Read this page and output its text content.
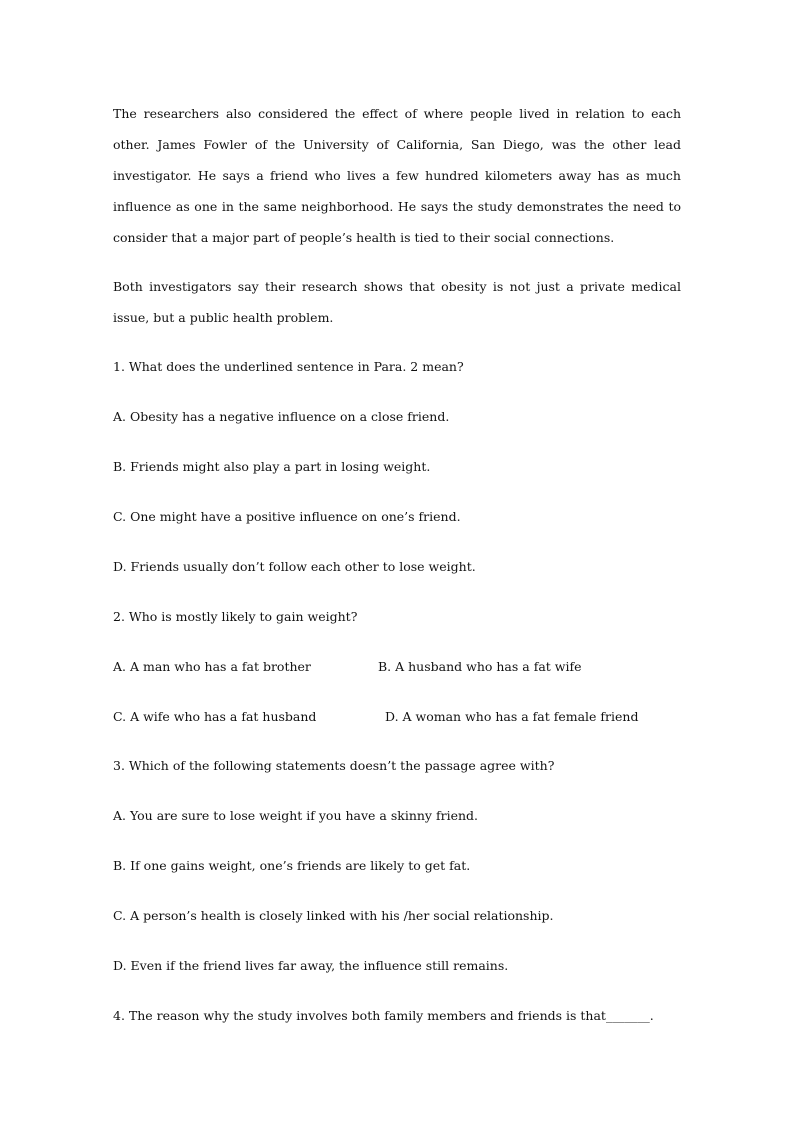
The researchers also considered the effect of where people lived in relation to each other. James Fowler of the University of California, San Diego, was the other lead investigator. He says a friend who lives a few hundred kilometers away has as much influence as one in the same neighborhood. He says the study demonstrates the need to consider that a major part of people’s health is tied to their social connections.

Both investigators say their research shows that obesity is not just a private medical issue, but a public health problem.

1. What does the underlined sentence in Para. 2 mean?
A. Obesity has a negative influence on a close friend.
B. Friends might also play a part in losing weight.
C. One might have a positive influence on one’s friend.
D. Friends usually don’t follow each other to lose weight.
2. Who is mostly likely to gain weight?
A. A man who has a fat brother	B. A husband who has a fat wife
C. A wife who has a fat husband	D. A woman who has a fat female friend
3. Which of the following statements doesn’t the passage agree with?
A. You are sure to lose weight if you have a skinny friend.
B. If one gains weight, one’s friends are likely to get fat.
C. A person’s health is closely linked with his /her social relationship.
D. Even if the friend lives far away, the influence still remains.
4. The reason why the study involves both family members and friends is that_______.
